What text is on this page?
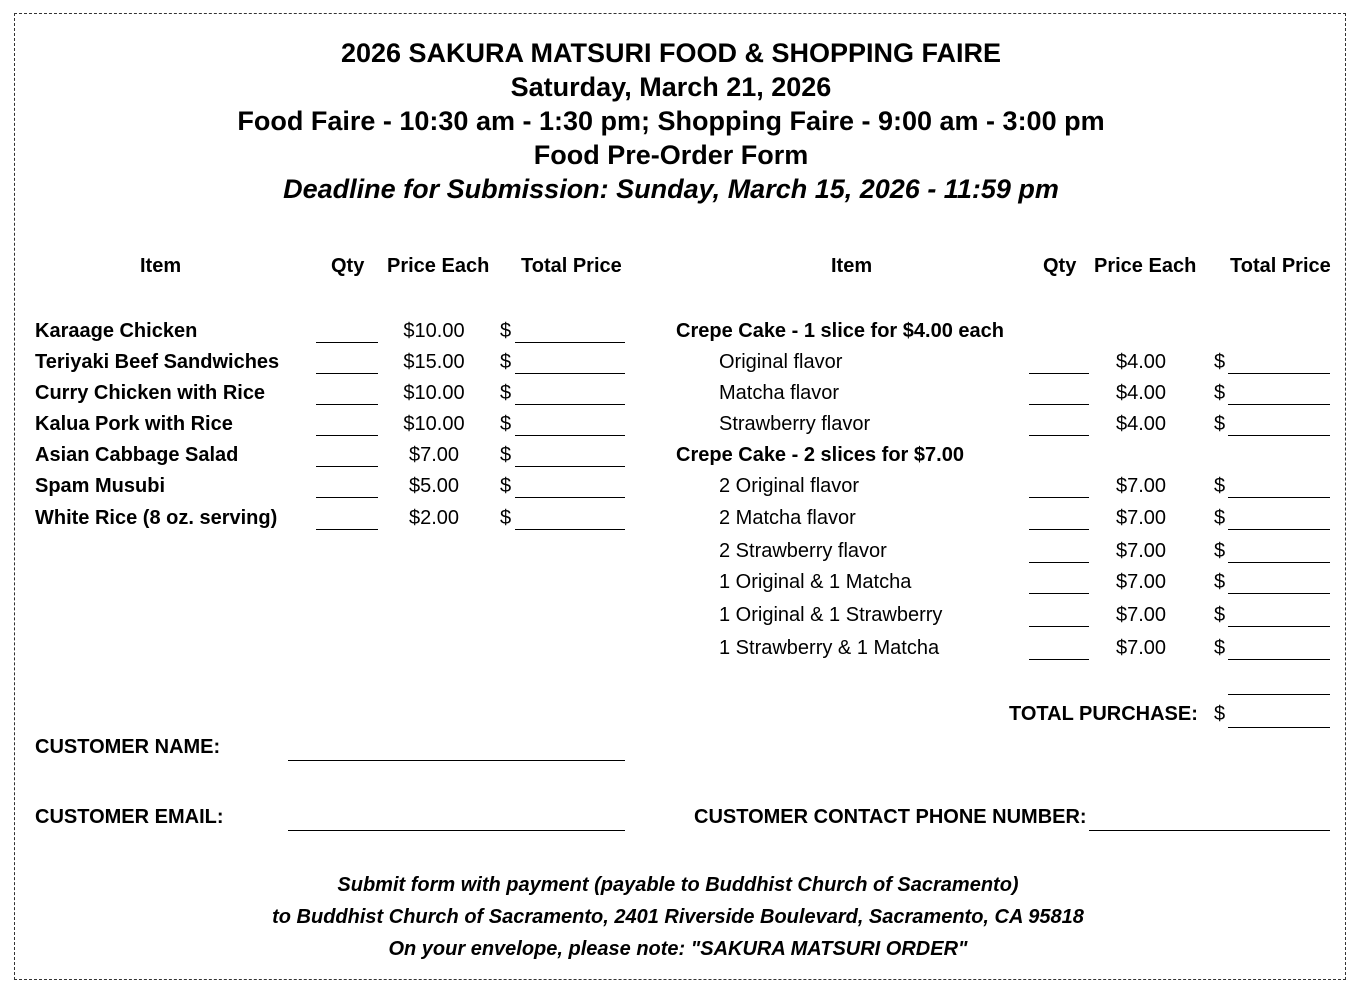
2026 SAKURA MATSURI FOOD & SHOPPING FAIRE
Saturday, March 21, 2026
Food Faire - 10:30 am - 1:30 pm; Shopping Faire - 9:00 am - 3:00 pm
Food Pre-Order Form
Deadline for Submission: Sunday, March 15, 2026 - 11:59 pm
Item	Qty Price Each Total Price	Item	Qty Price Each Total Price
Karaage Chicken	$10.00	$
Teriyaki Beef Sandwiches	$15.00	$
Curry Chicken with Rice	$10.00	$
Kalua Pork with Rice	$10.00	$
Asian Cabbage Salad	$7.00	$
Spam Musubi	$5.00	$
White Rice (8 oz. serving)	$2.00	$
Crepe Cake - 1 slice for $4.00 each
Original flavor	$4.00	$
Matcha flavor	$4.00	$
Strawberry flavor	$4.00	$
Crepe Cake - 2 slices for $7.00
2 Original flavor	$7.00	$
2 Matcha flavor	$7.00	$
2 Strawberry flavor	$7.00	$
1 Original & 1 Matcha	$7.00	$
1 Original & 1 Strawberry	$7.00	$
1 Strawberry & 1 Matcha	$7.00	$
TOTAL PURCHASE: $
CUSTOMER NAME:
CUSTOMER EMAIL:	CUSTOMER CONTACT PHONE NUMBER:
Submit form with payment (payable to Buddhist Church of Sacramento)
to Buddhist Church of Sacramento, 2401 Riverside Boulevard, Sacramento, CA 95818
On your envelope, please note: "SAKURA MATSURI ORDER"
